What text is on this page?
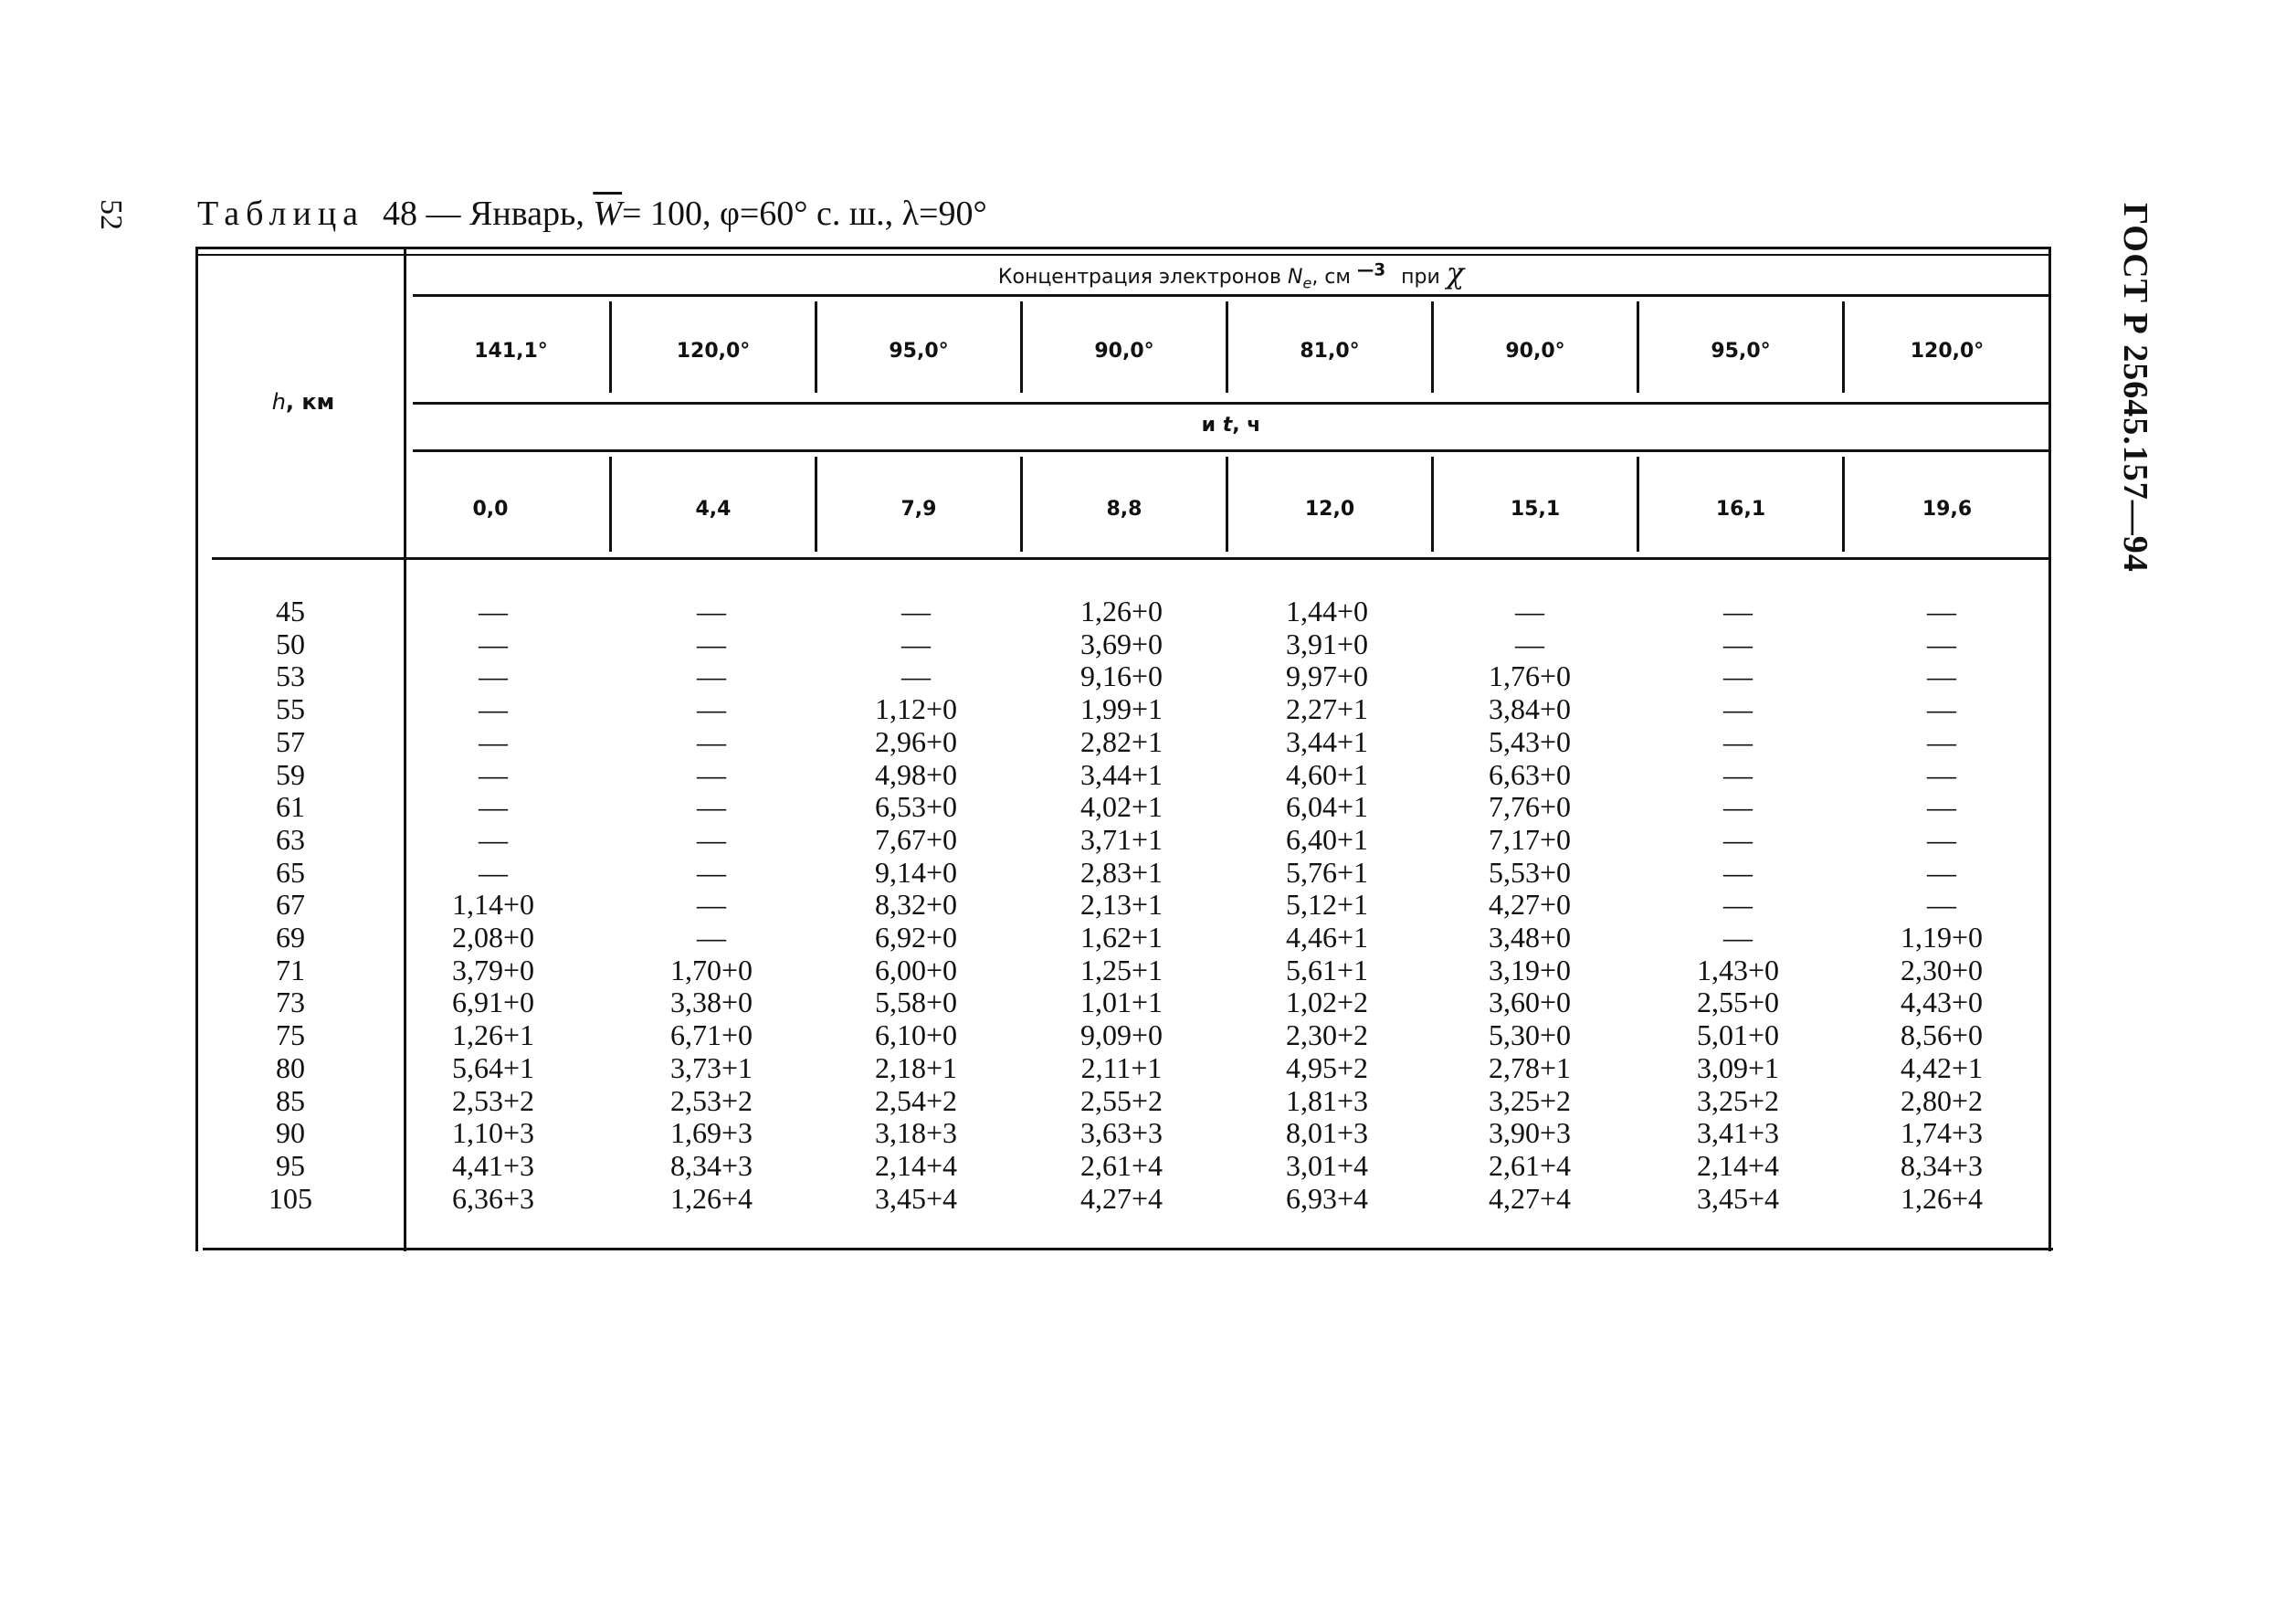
52	ГОСТ Р 25645.157—94
Таблица 48 — Январь, $\overline{W}= 100$, φ=60° с. ш., λ=90°
h, км
Концентрация электронов $N_e$, см $^{—3}$ при χ
141,1°	120,0°	95,0°	90,0°	81,0°	90,0°	95,0°	120,0°
и t, ч
0,0	4,4	7,9	8,8	12,0	15,1	16,1	19,6
45	—	—	—	1,26+0	1,44+0	—	—	—
50	—	—	—	3,69+0	3,91+0	—	—	—
53	—	—	—	9,16+0	9,97+0	1,76+0	—	—
55	—	—	1,12+0	1,99+1	2,27+1	3,84+0	—	—
57	—	—	2,96+0	2,82+1	3,44+1	5,43+0	—	—
59	—	—	4,98+0	3,44+1	4,60+1	6,63+0	—	—
61	—	—	6,53+0	4,02+1	6,04+1	7,76+0	—	—
63	—	—	7,67+0	3,71+1	6,40+1	7,17+0	—	—
65	—	—	9,14+0	2,83+1	5,76+1	5,53+0	—	—
67	1,14+0	—	8,32+0	2,13+1	5,12+1	4,27+0	—	—
69	2,08+0	—	6,92+0	1,62+1	4,46+1	3,48+0	—	1,19+0
71	3,79+0	1,70+0	6,00+0	1,25+1	5,61+1	3,19+0	1,43+0	2,30+0
73	6,91+0	3,38+0	5,58+0	1,01+1	1,02+2	3,60+0	2,55+0	4,43+0
75	1,26+1	6,71+0	6,10+0	9,09+0	2,30+2	5,30+0	5,01+0	8,56+0
80	5,64+1	3,73+1	2,18+1	2,11+1	4,95+2	2,78+1	3,09+1	4,42+1
85	2,53+2	2,53+2	2,54+2	2,55+2	1,81+3	3,25+2	3,25+2	2,80+2
90	1,10+3	1,69+3	3,18+3	3,63+3	8,01+3	3,90+3	3,41+3	1,74+3
95	4,41+3	8,34+3	2,14+4	2,61+4	3,01+4	2,61+4	2,14+4	8,34+3
105	6,36+3	1,26+4	3,45+4	4,27+4	6,93+4	4,27+4	3,45+4	1,26+4
